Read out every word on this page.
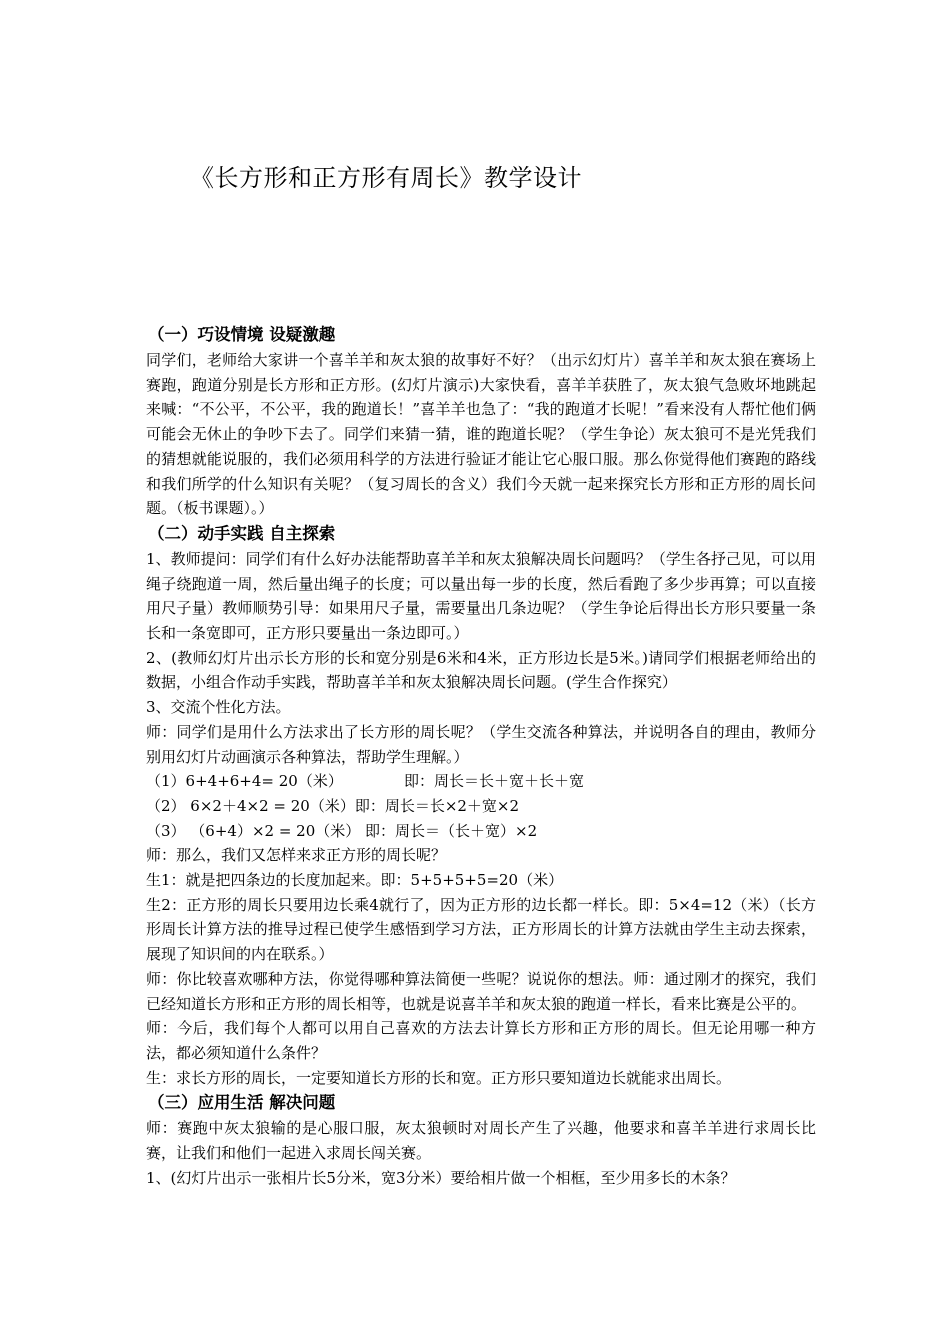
《长方形和正方形有周长》教学设计
（一）巧设情境 设疑激趣
同学们，老师给大家讲一个喜羊羊和灰太狼的故事好不好？（出示幻灯片）喜羊羊和灰太狼在赛场上赛跑，跑道分别是长方形和正方形。(幻灯片演示)大家快看，喜羊羊获胜了，灰太狼气急败坏地跳起来喊：“不公平，不公平，我的跑道长！”喜羊羊也急了：“我的跑道才长呢！”看来没有人帮忙他们俩可能会无休止的争吵下去了。同学们来猜一猜，谁的跑道长呢？（学生争论）灰太狼可不是光凭我们的猜想就能说服的，我们必须用科学的方法进行验证才能让它心服口服。那么你觉得他们赛跑的路线和我们所学的什么知识有关呢？（复习周长的含义）我们今天就一起来探究长方形和正方形的周长问题。（板书课题）。）
（二）动手实践 自主探索
1、教师提问：同学们有什么好办法能帮助喜羊羊和灰太狼解决周长问题吗？（学生各抒己见，可以用绳子绕跑道一周，然后量出绳子的长度；可以量出每一步的长度，然后看跑了多少步再算；可以直接用尺子量）教师顺势引导：如果用尺子量，需要量出几条边呢？（学生争论后得出长方形只要量一条长和一条宽即可，正方形只要量出一条边即可。）
2、(教师幻灯片出示长方形的长和宽分别是6米和4米，正方形边长是5米。)请同学们根据老师给出的数据，小组合作动手实践，帮助喜羊羊和灰太狼解决周长问题。(学生合作探究）
3、交流个性化方法。
师：同学们是用什么方法求出了长方形的周长呢？（学生交流各种算法，并说明各自的理由，教师分别用幻灯片动画演示各种算法，帮助学生理解。）
（1）6+4+6+4= 20（米）	即：周长＝长＋宽＋长＋宽
（2） 6×2＋4×2 = 20（米）即：周长＝长×2＋宽×2
（3） （6+4）×2 = 20（米） 即：周长＝（长＋宽）×2
师：那么，我们又怎样来求正方形的周长呢？
生1：就是把四条边的长度加起来。即：5+5+5+5=20（米）
生2：正方形的周长只要用边长乘4就行了，因为正方形的边长都一样长。即：5×4=12（米）（长方形周长计算方法的推导过程已使学生感悟到学习方法，正方形周长的计算方法就由学生主动去探索，展现了知识间的内在联系。）
师：你比较喜欢哪种方法，你觉得哪种算法简便一些呢？说说你的想法。师：通过刚才的探究，我们已经知道长方形和正方形的周长相等，也就是说喜羊羊和灰太狼的跑道一样长，看来比赛是公平的。
师：今后，我们每个人都可以用自己喜欢的方法去计算长方形和正方形的周长。但无论用哪一种方法，都必须知道什么条件？
生：求长方形的周长，一定要知道长方形的长和宽。正方形只要知道边长就能求出周长。
（三）应用生活 解决问题
师：赛跑中灰太狼输的是心服口服，灰太狼顿时对周长产生了兴趣，他要求和喜羊羊进行求周长比赛，让我们和他们一起进入求周长闯关赛。
1、(幻灯片出示一张相片长5分米，宽3分米）要给相片做一个相框，至少用多长的木条？
